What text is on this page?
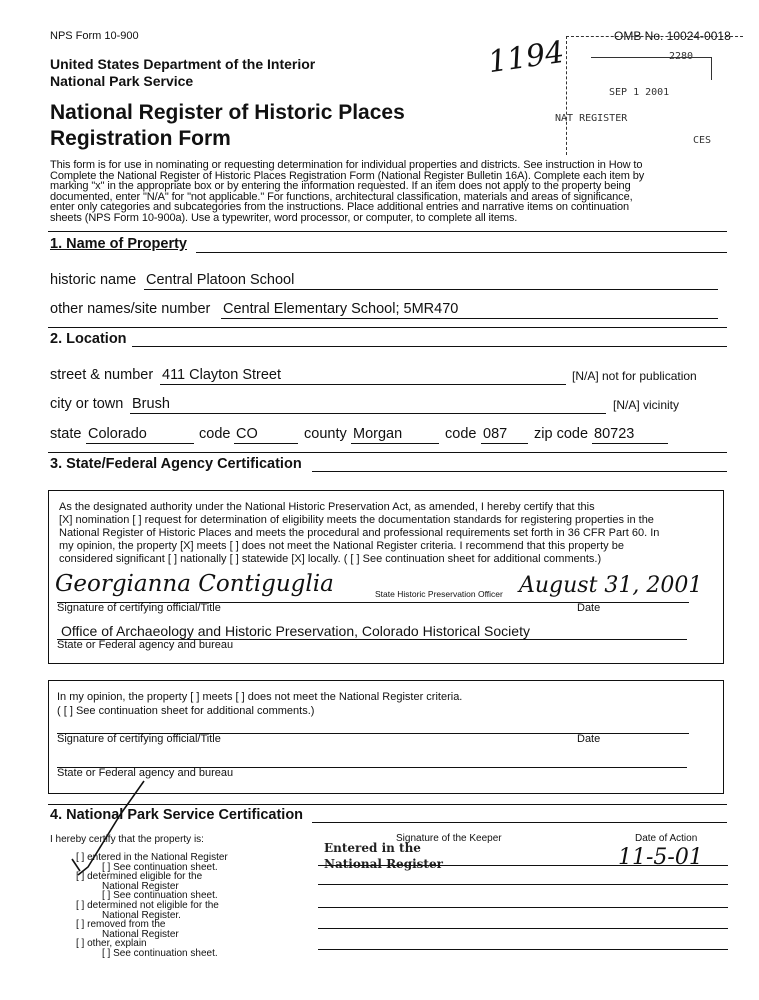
NPS Form 10-900	OMB No. 10024-0018
United States Department of the Interior
National Park Service
National Register of Historic Places
Registration Form
1194	2280
SEP 1 2001
NAT REGISTER
CES
This form is for use in nominating or requesting determination for individual properties and districts. See instruction in How to
Complete the National Register of Historic Places Registration Form (National Register Bulletin 16A). Complete each item by
marking "x" in the appropriate box or by entering the information requested. If an item does not apply to the property being
documented, enter "N/A" for "not applicable." For functions, architectural classification, materials and areas of significance,
enter only categories and subcategories from the instructions. Place additional entries and narrative items on continuation
sheets (NPS Form 10-900a). Use a typewriter, word processor, or computer, to complete all items.
1. Name of Property
historic name Central Platoon School
other names/site number Central Elementary School; 5MR470
2. Location
street & number 411 Clayton Street	[N/A] not for publication
city or town Brush	[N/A] vicinity
state Colorado	code CO	county Morgan	code 087	zip code 80723
3. State/Federal Agency Certification
As the designated authority under the National Historic Preservation Act, as amended, I hereby certify that this
[X] nomination [ ] request for determination of eligibility meets the documentation standards for registering properties in the
National Register of Historic Places and meets the procedural and professional requirements set forth in 36 CFR Part 60. In
my opinion, the property [X] meets [ ] does not meet the National Register criteria. I recommend that this property be
considered significant [ ] nationally [ ] statewide [X] locally. ( [ ] See continuation sheet for additional comments.)
Georgianna Contiguglia	State Historic Preservation Officer August 31, 2001
Signature of certifying official/Title	Date
Office of Archaeology and Historic Preservation, Colorado Historical Society
State or Federal agency and bureau
In my opinion, the property [ ] meets [ ] does not meet the National Register criteria.
( [ ] See continuation sheet for additional comments.)
Signature of certifying official/Title	Date
State or Federal agency and bureau
4. National Park Service Certification
I hereby certify that the property is:	Signature of the Keeper	Date of Action
Entered in the
National Register	11-5-01
[ ] entered in the National Register
[ ] See continuation sheet.
[ ] determined eligible for the
National Register
[ ] See continuation sheet.
[ ] determined not eligible for the
National Register.
[ ] removed from the
National Register
[ ] other, explain
[ ] See continuation sheet.
